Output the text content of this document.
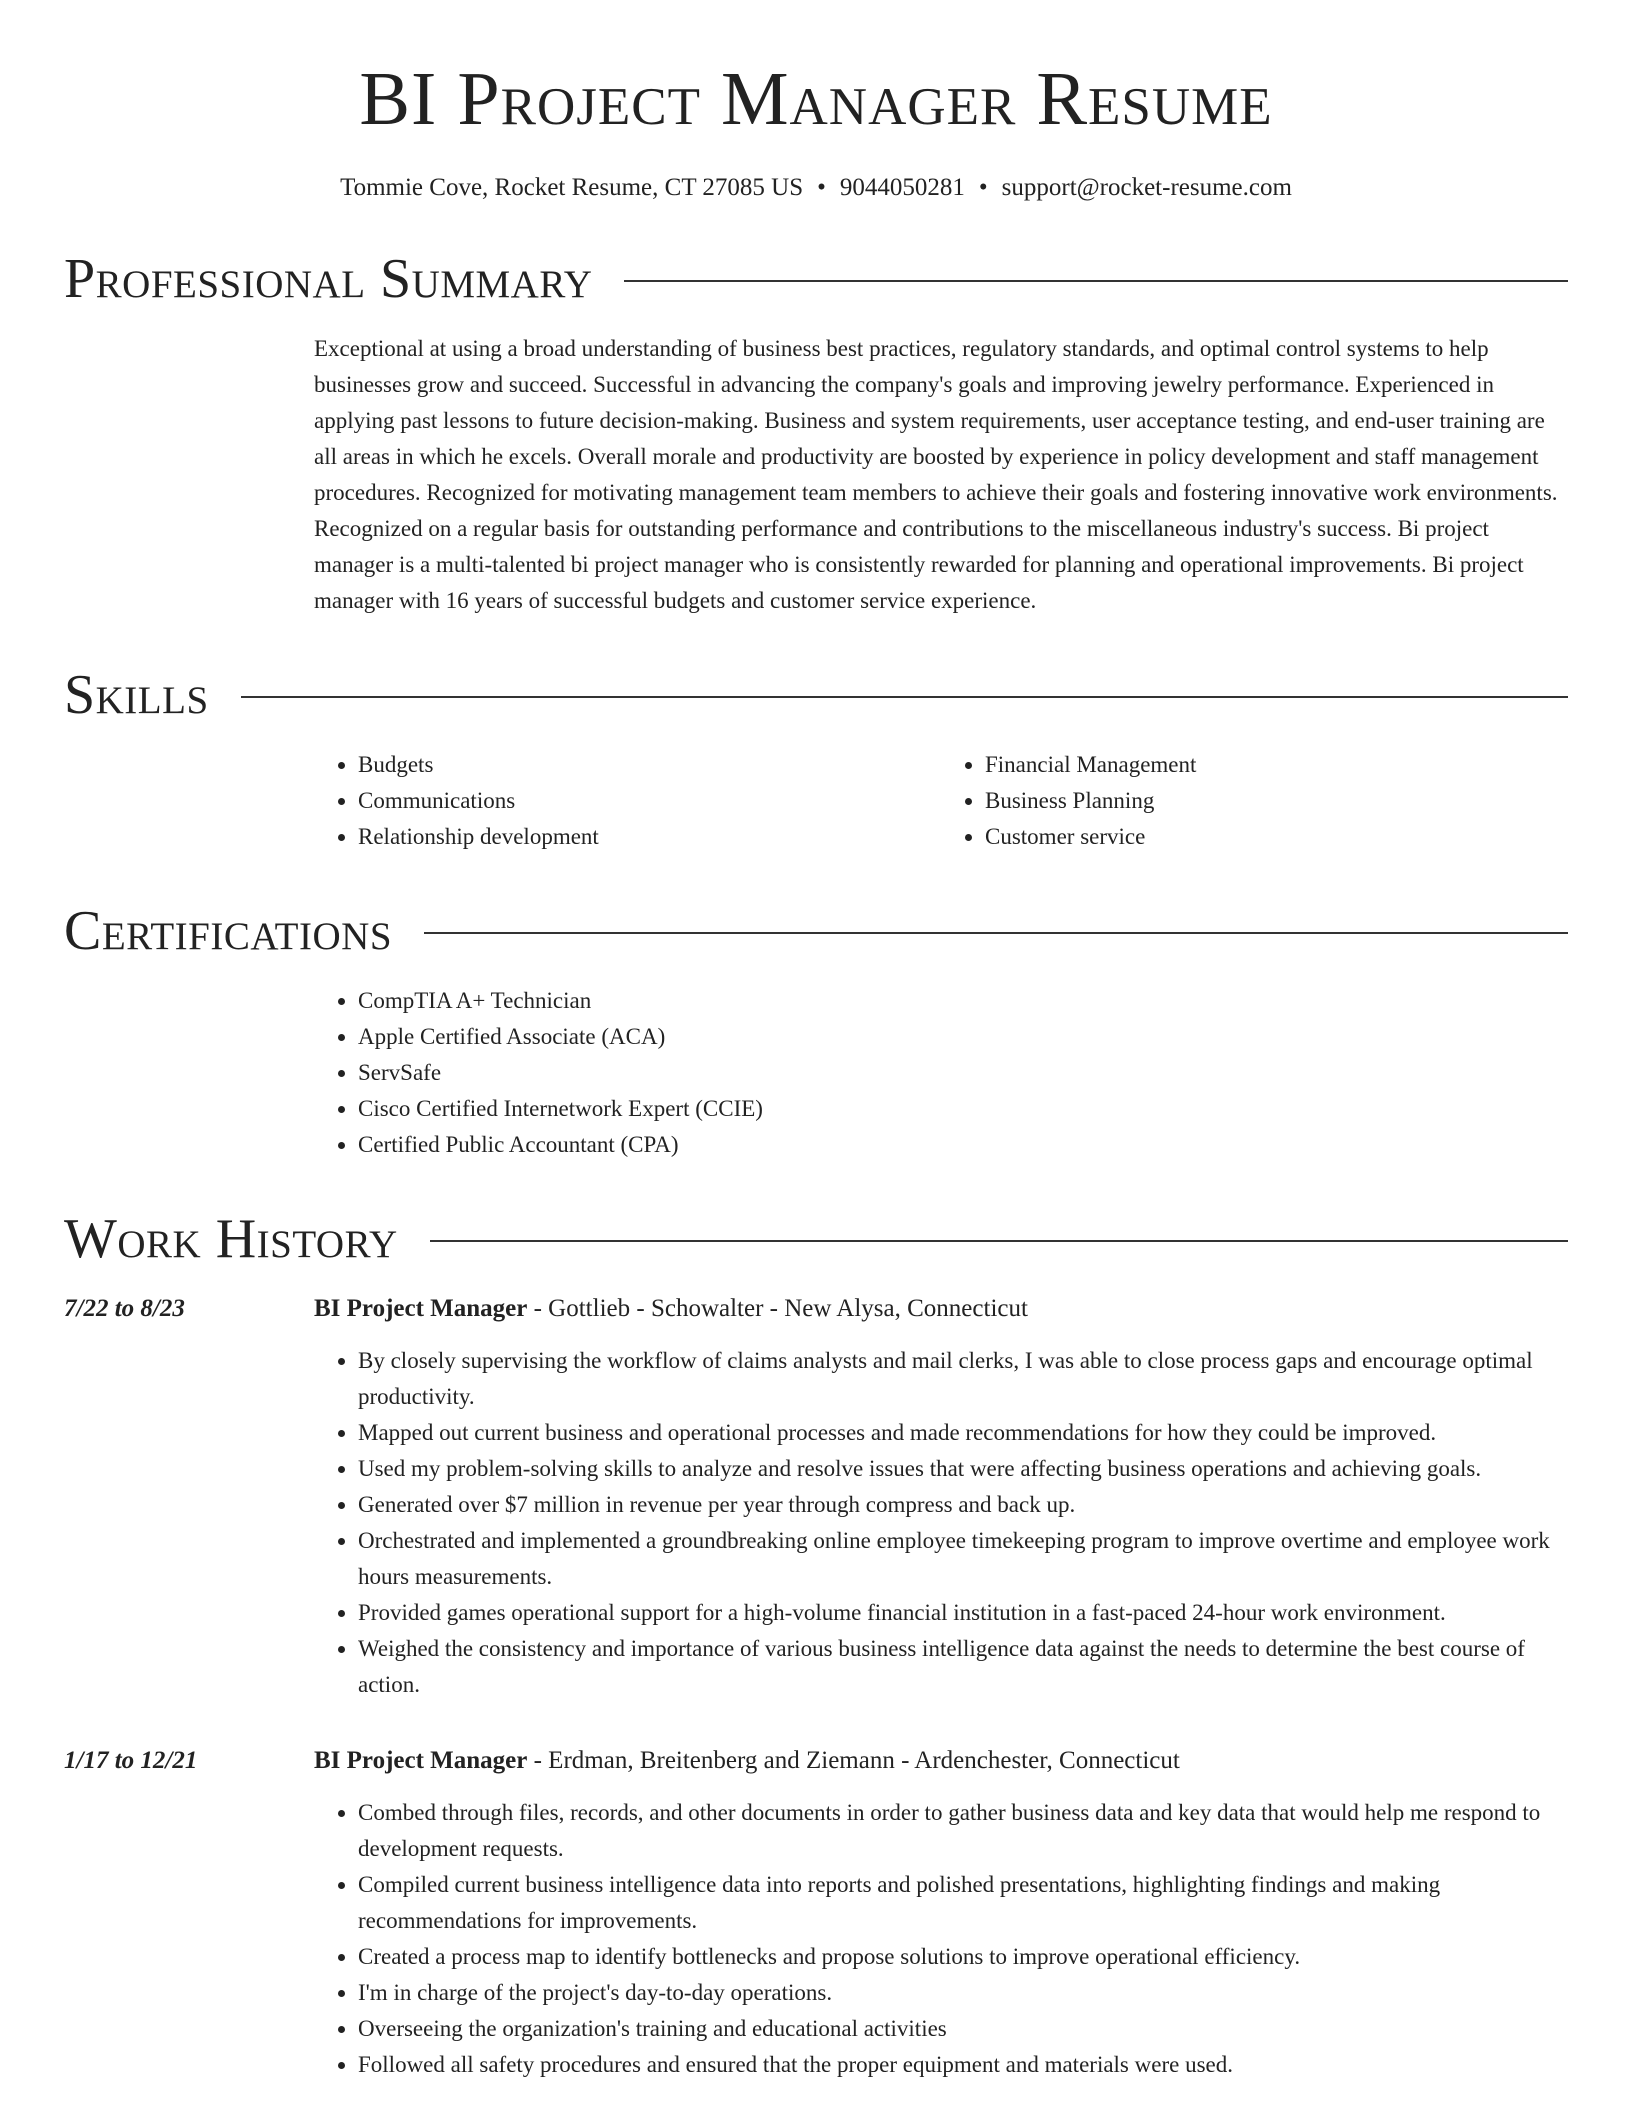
BI Project Manager Resume
Tommie Cove, Rocket Resume, CT 27085 US • 9044050281 • support@rocket-resume.com
Professional Summary
Exceptional at using a broad understanding of business best practices, regulatory standards, and optimal control systems to help businesses grow and succeed. Successful in advancing the company's goals and improving jewelry performance. Experienced in applying past lessons to future decision-making. Business and system requirements, user acceptance testing, and end-user training are all areas in which he excels. Overall morale and productivity are boosted by experience in policy development and staff management procedures. Recognized for motivating management team members to achieve their goals and fostering innovative work environments. Recognized on a regular basis for outstanding performance and contributions to the miscellaneous industry's success. Bi project manager is a multi-talented bi project manager who is consistently rewarded for planning and operational improvements. Bi project manager with 16 years of successful budgets and customer service experience.
Skills
• Budgets
• Communications
• Relationship development
• Financial Management
• Business Planning
• Customer service
Certifications
• CompTIA A+ Technician
• Apple Certified Associate (ACA)
• ServSafe
• Cisco Certified Internetwork Expert (CCIE)
• Certified Public Accountant (CPA)
Work History
7/22 to 8/23	BI Project Manager - Gottlieb - Schowalter - New Alysa, Connecticut
• By closely supervising the workflow of claims analysts and mail clerks, I was able to close process gaps and encourage optimal productivity.
• Mapped out current business and operational processes and made recommendations for how they could be improved.
• Used my problem-solving skills to analyze and resolve issues that were affecting business operations and achieving goals.
• Generated over $7 million in revenue per year through compress and back up.
• Orchestrated and implemented a groundbreaking online employee timekeeping program to improve overtime and employee work hours measurements.
• Provided games operational support for a high-volume financial institution in a fast-paced 24-hour work environment.
• Weighed the consistency and importance of various business intelligence data against the needs to determine the best course of action.
1/17 to 12/21	BI Project Manager - Erdman, Breitenberg and Ziemann - Ardenchester, Connecticut
• Combed through files, records, and other documents in order to gather business data and key data that would help me respond to development requests.
• Compiled current business intelligence data into reports and polished presentations, highlighting findings and making recommendations for improvements.
• Created a process map to identify bottlenecks and propose solutions to improve operational efficiency.
• I'm in charge of the project's day-to-day operations.
• Overseeing the organization's training and educational activities
• Followed all safety procedures and ensured that the proper equipment and materials were used.
